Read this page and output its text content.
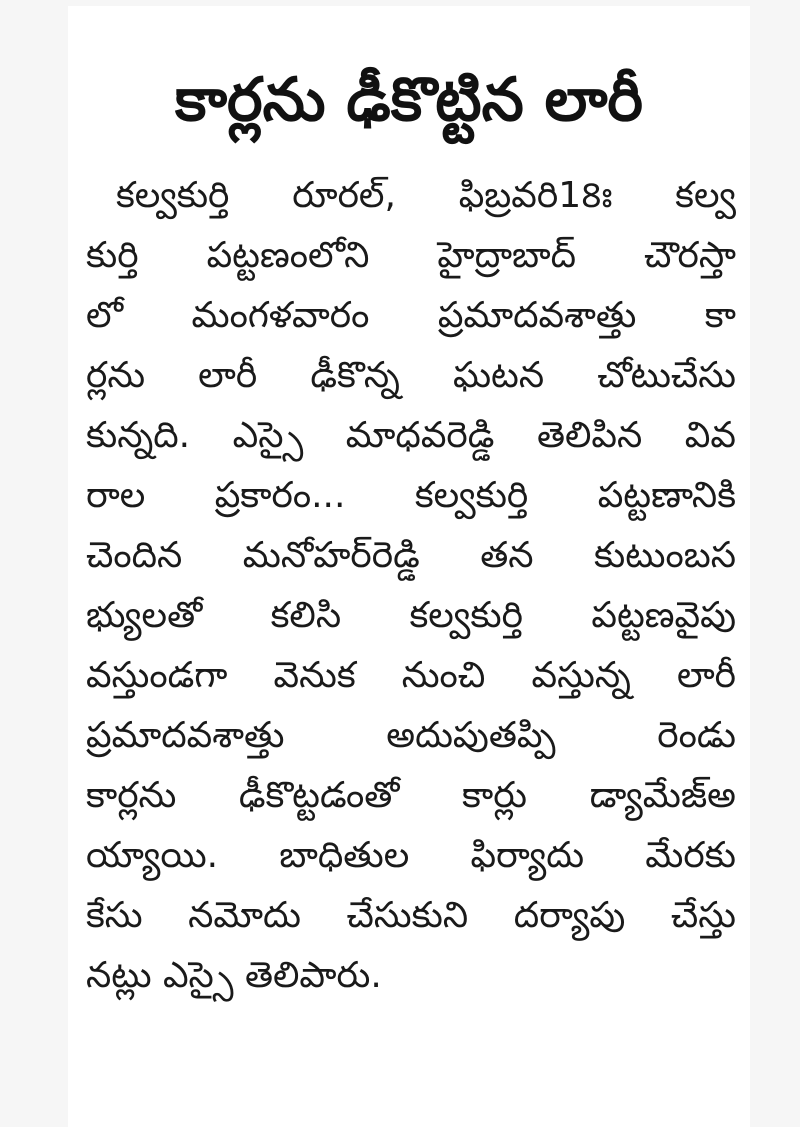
కార్లను ఢీకొట్టిన లారీ
కల్వకుర్తి రూరల్, ఫిబ్రవరి18ః కల్వ
కుర్తి పట్టణంలోని హైద్రాబాద్ చౌరస్తా
లో మంగళవారం ప్రమాదవశాత్తు కా
ర్లను లారీ ఢీకొన్న ఘటన చోటుచేసు
కున్నది. ఎస్సై మాధవరెడ్డి తెలిపిన వివ
రాల ప్రకారం... కల్వకుర్తి పట్టణానికి
చెందిన మనోహర్‌రెడ్డి తన కుటుంబస
భ్యులతో కలిసి కల్వకుర్తి పట్టణవైపు
వస్తుండగా వెనుక నుంచి వస్తున్న లారీ
ప్రమాదవశాత్తు అదుపుతప్పి రెండు
కార్లను ఢీకొట్టడంతో కార్లు డ్యామేజ్‌అ
య్యాయి. బాధితుల ఫిర్యాదు మేరకు
కేసు నమోదు చేసుకుని దర్యాపు చేస్తు
నట్లు ఎస్సై తెలిపారు.
